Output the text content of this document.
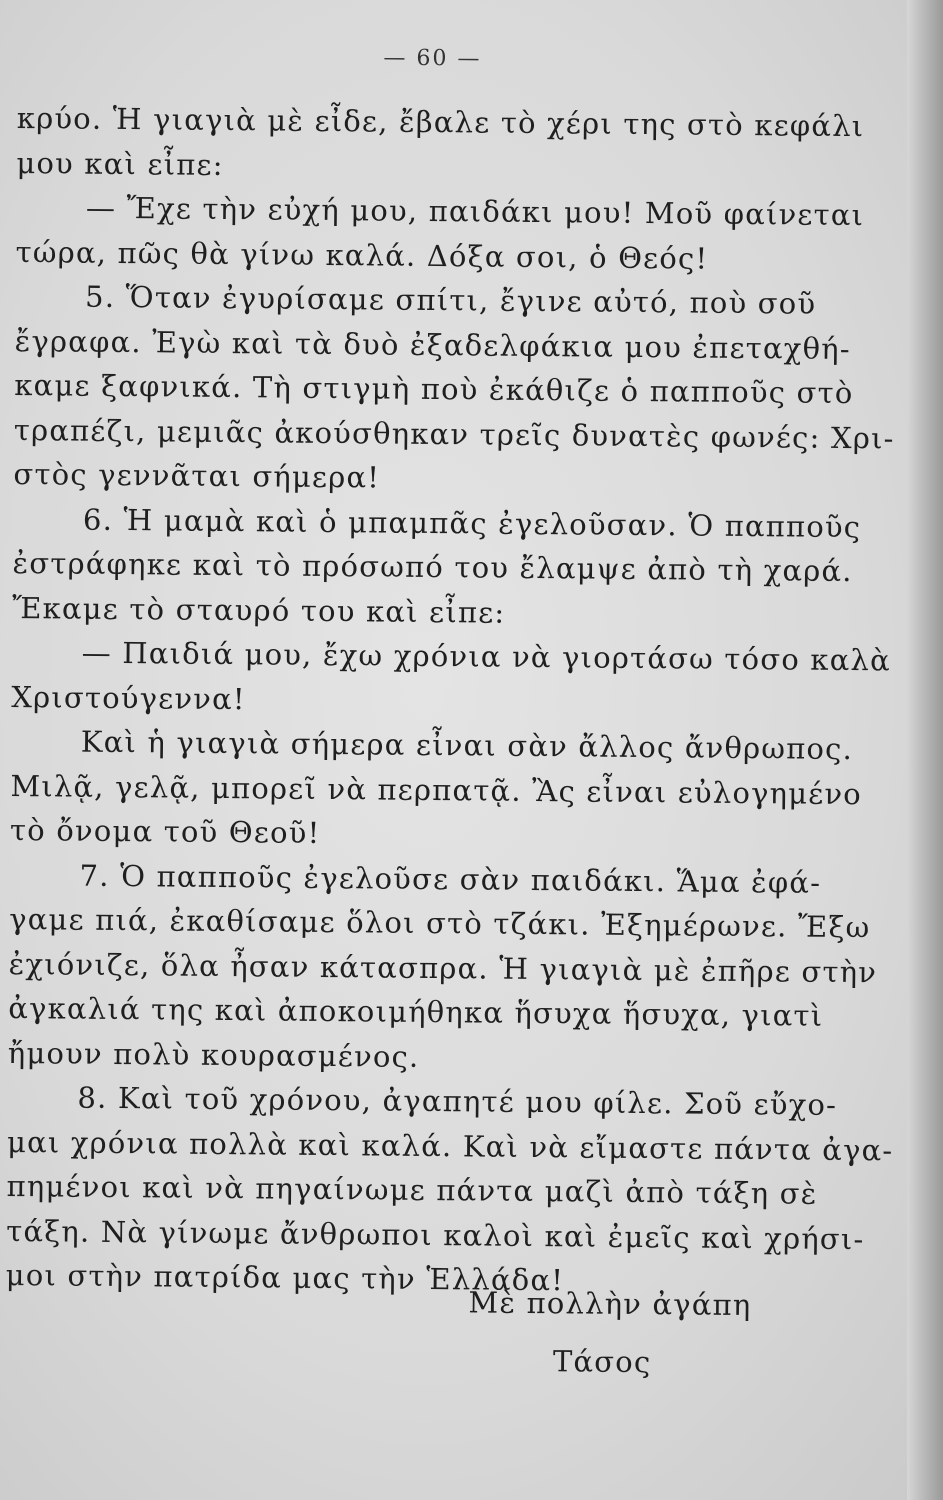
— 60 —
κρύο. Ἡ γιαγιὰ μὲ εἶδε, ἔβαλε τὸ χέρι της στὸ κεφάλι
μου καὶ εἶπε:
— Ἔχε τὴν εὐχή μου, παιδάκι μου! Μοῦ φαίνεται
τώρα, πῶς θὰ γίνω καλά. Δόξα σοι, ὁ Θεός!
5. Ὅταν ἐγυρίσαμε σπίτι, ἔγινε αὐτό, ποὺ σοῦ
ἔγραφα. Ἐγὼ καὶ τὰ δυὸ ἐξαδελφάκια μου ἐπεταχθή-
καμε ξαφνικά. Τὴ στιγμὴ ποὺ ἐκάθιζε ὁ παπποῦς στὸ
τραπέζι, μεμιᾶς ἀκούσθηκαν τρεῖς δυνατὲς φωνές: Χρι-
στὸς γεννᾶται σήμερα!
6. Ἡ μαμὰ καὶ ὁ μπαμπᾶς ἐγελοῦσαν. Ὁ παπποῦς
ἐστράφηκε καὶ τὸ πρόσωπό του ἔλαμψε ἀπὸ τὴ χαρά.
Ἔκαμε τὸ σταυρό του καὶ εἶπε:
— Παιδιά μου, ἔχω χρόνια νὰ γιορτάσω τόσο καλὰ
Χριστούγεννα!
Καὶ ἡ γιαγιὰ σήμερα εἶναι σὰν ἄλλος ἄνθρωπος.
Μιλᾷ, γελᾷ, μπορεῖ νὰ περπατᾷ. Ἂς εἶναι εὐλογημένο
τὸ ὄνομα τοῦ Θεοῦ!
7. Ὁ παπποῦς ἐγελοῦσε σὰν παιδάκι. Ἅμα ἐφά-
γαμε πιά, ἐκαθίσαμε ὅλοι στὸ τζάκι. Ἐξημέρωνε. Ἔξω
ἐχιόνιζε, ὅλα ἦσαν κάτασπρα. Ἡ γιαγιὰ μὲ ἐπῆρε στὴν
ἀγκαλιά της καὶ ἀποκοιμήθηκα ἥσυχα ἥσυχα, γιατὶ
ἤμουν πολὺ κουρασμένος.
8. Καὶ τοῦ χρόνου, ἀγαπητέ μου φίλε. Σοῦ εὔχο-
μαι χρόνια πολλὰ καὶ καλά. Καὶ νὰ εἴμαστε πάντα ἀγα-
πημένοι καὶ νὰ πηγαίνωμε πάντα μαζὶ ἀπὸ τάξη σὲ
τάξη. Νὰ γίνωμε ἄνθρωποι καλοὶ καὶ ἐμεῖς καὶ χρήσι-
μοι στὴν πατρίδα μας τὴν Ἑλλάδα!
Μὲ πολλὴν ἀγάπη
Τάσος
